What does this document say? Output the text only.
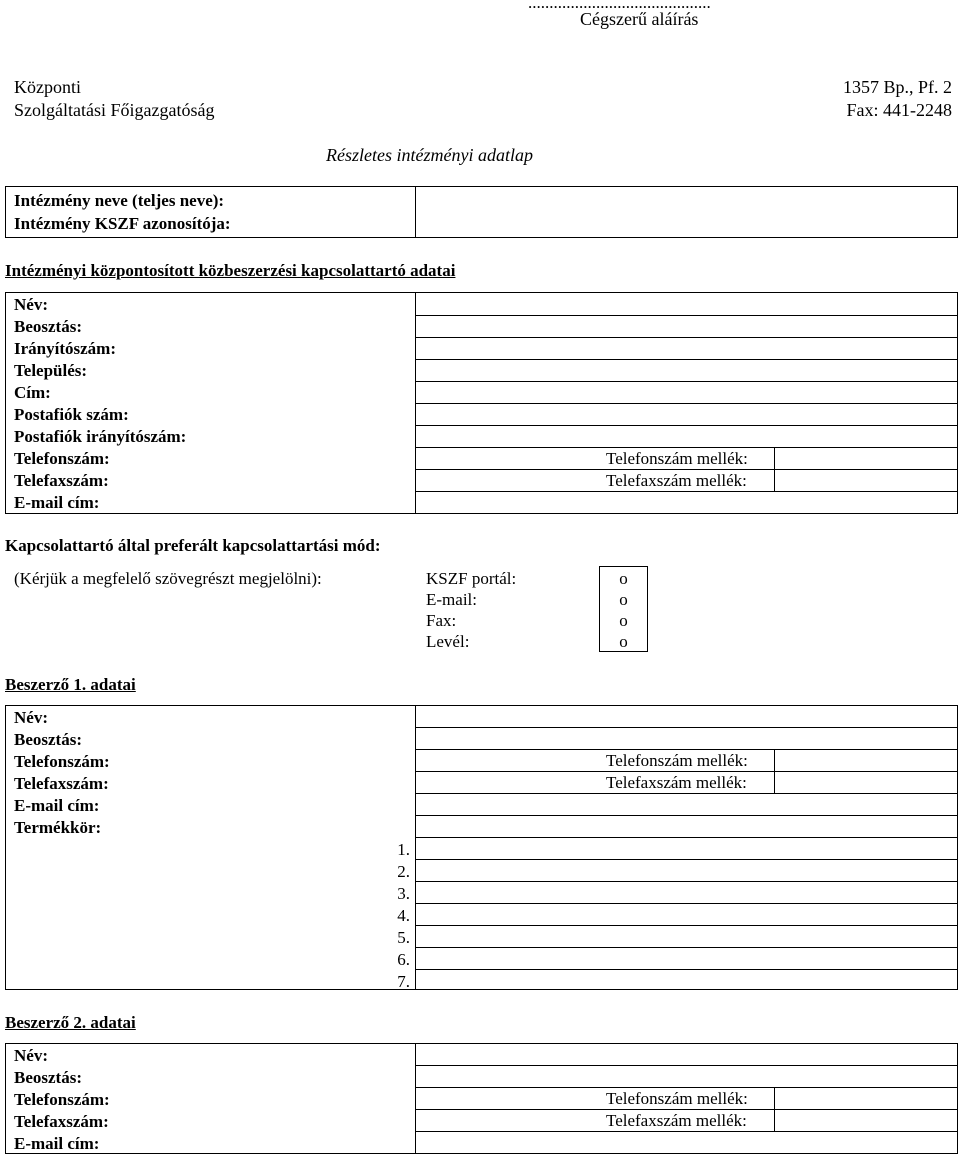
...........................................
Cégszerű aláírás
Központi
Szolgáltatási Főigazgatóság
1357 Bp., Pf. 2
Fax: 441-2248
Részletes intézményi adatlap
Intézmény neve (teljes neve):
Intézmény KSZF azonosítója:
Intézményi központosított közbeszerzési kapcsolattartó adatai
Név:
Beosztás:
Irányítószám:
Település:
Cím:
Postafiók szám:
Postafiók irányítószám:
Telefonszám:
Telefaxszám:
E-mail cím:
Telefonszám mellék:
Telefaxszám mellék:
Kapcsolattartó által preferált kapcsolattartási mód:
(Kérjük a megfelelő szövegrészt megjelölni):	KSZF portál:
E-mail:
Fax:
Levél:
o
o
o
o
Beszerző 1. adatai
Név:
Beosztás:
Telefonszám:
Telefaxszám:
E-mail cím:
Termékkör:
Telefonszám mellék:
Telefaxszám mellék:
1.
2.
3.
4.
5.
6.
7.
Beszerző 2. adatai
Név:
Beosztás:
Telefonszám:
Telefaxszám:
E-mail cím:
Telefonszám mellék:
Telefaxszám mellék:
